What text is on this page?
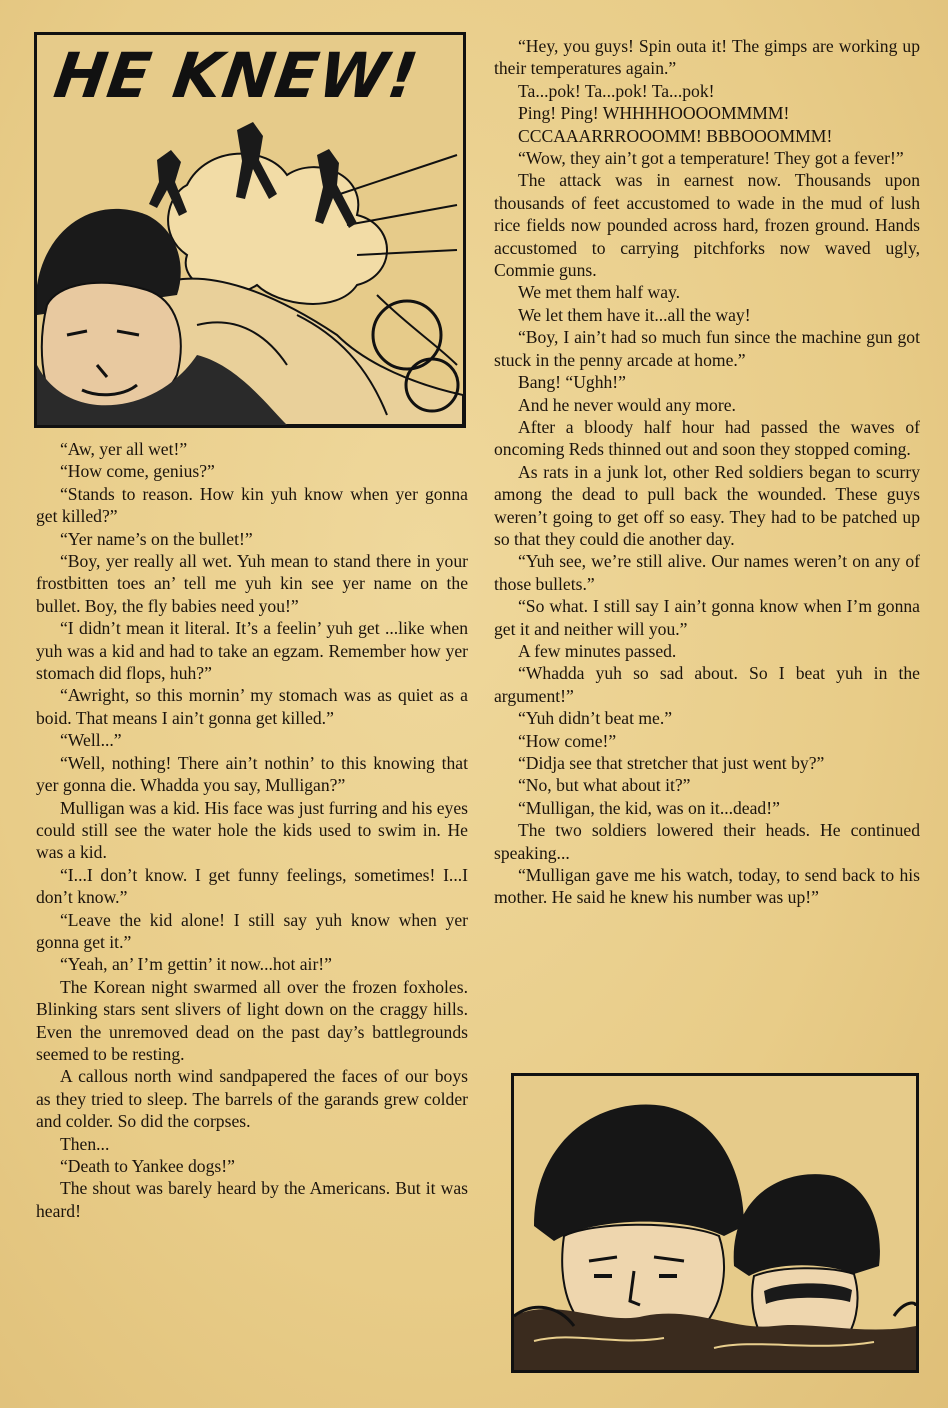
HE KNEW!

“Aw, yer all wet!”

“How come, genius?”

“Stands to reason. How kin yuh know when yer gonna get killed?”

“Yer name’s on the bullet!”

“Boy, yer really all wet. Yuh mean to stand there in your frostbitten toes an’ tell me yuh kin see yer name on the bullet. Boy, the fly babies need you!”

“I didn’t mean it literal. It’s a feelin’ yuh get ...like when yuh was a kid and had to take an egzam. Remember how yer stomach did flops, huh?”

“Awright, so this mornin’ my stomach was as quiet as a boid. That means I ain’t gonna get killed.”

“Well...”

“Well, nothing! There ain’t nothin’ to this knowing that yer gonna die. Whadda you say, Mulligan?”

Mulligan was a kid. His face was just furring and his eyes could still see the water hole the kids used to swim in. He was a kid.

“I...I don’t know. I get funny feelings, sometimes! I...I don’t know.”

“Leave the kid alone! I still say yuh know when yer gonna get it.”

“Yeah, an’ I’m gettin’ it now...hot air!”

The Korean night swarmed all over the frozen foxholes. Blinking stars sent slivers of light down on the craggy hills. Even the unremoved dead on the past day’s battlegrounds seemed to be resting.

A callous north wind sandpapered the faces of our boys as they tried to sleep. The barrels of the garands grew colder and colder. So did the corpses.

Then...

“Death to Yankee dogs!”

The shout was barely heard by the Americans. But it was heard!

“Hey, you guys! Spin outa it! The gimps are working up their temperatures again.”

Ta...pok! Ta...pok! Ta...pok!

Ping! Ping! WHHHHOOOOMMMM!

CCCAAARRROOOMM! BBBOOOMMM!

“Wow, they ain’t got a temperature! They got a fever!”

The attack was in earnest now. Thousands upon thousands of feet accustomed to wade in the mud of lush rice fields now pounded across hard, frozen ground. Hands accustomed to carrying pitchforks now waved ugly, Commie guns.

We met them half way.

We let them have it...all the way!

“Boy, I ain’t had so much fun since the machine gun got stuck in the penny arcade at home.”

Bang! “Ughh!”

And he never would any more.

After a bloody half hour had passed the waves of oncoming Reds thinned out and soon they stopped coming.

As rats in a junk lot, other Red soldiers began to scurry among the dead to pull back the wounded. These guys weren’t going to get off so easy. They had to be patched up so that they could die another day.

“Yuh see, we’re still alive. Our names weren’t on any of those bullets.”

“So what. I still say I ain’t gonna know when I’m gonna get it and neither will you.”

A few minutes passed.

“Whadda yuh so sad about. So I beat yuh in the argument!”

“Yuh didn’t beat me.”

“How come!”

“Didja see that stretcher that just went by?”

“No, but what about it?”

“Mulligan, the kid, was on it...dead!”

The two soldiers lowered their heads. He continued speaking...

“Mulligan gave me his watch, today, to send back to his mother. He said he knew his number was up!”
